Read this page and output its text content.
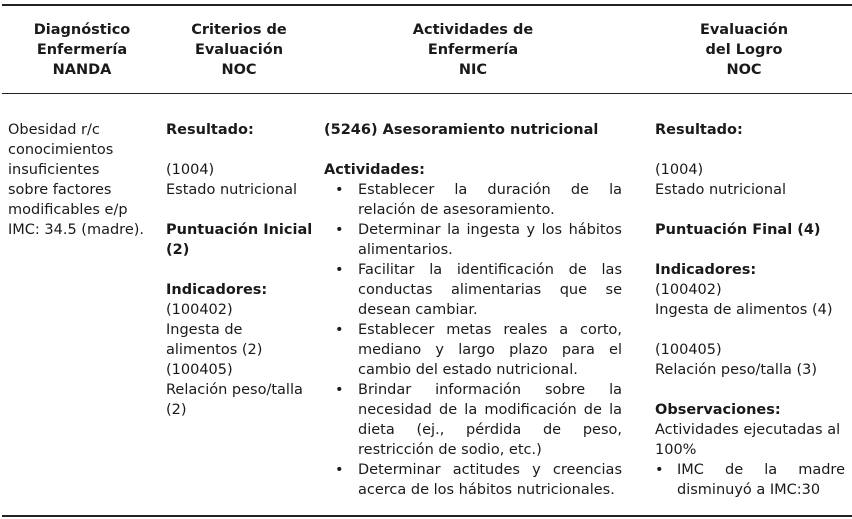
Diagnóstico
Enfermería
NANDA
Criterios de
Evaluación
NOC
Actividades de
Enfermería
NIC
Evaluación
del Logro
NOC
Obesidad r/c
conocimientos
insuficientes
sobre factores
modificables e/p
IMC: 34.5 (madre).
Resultado:
(1004)
Estado nutricional
Puntuación Inicial
(2)
Indicadores:
(100402)
Ingesta de
alimentos (2)
(100405)
Relación peso/talla
(2)
(5246) Asesoramiento nutricional
Actividades:
• Establecer la duración de la relación de asesoramiento.
• Determinar la ingesta y los hábitos alimentarios.
• Facilitar la identificación de las conductas alimentarias que se desean cambiar.
• Establecer metas reales a corto, mediano y largo plazo para el cambio del estado nutricional.
• Brindar información sobre la necesidad de la modificación de la dieta (ej., pérdida de peso, restricción de sodio, etc.)
• Determinar actitudes y creencias acerca de los hábitos nutricionales.
Resultado:
(1004)
Estado nutricional
Puntuación Final (4)
Indicadores:
(100402)
Ingesta de alimentos (4)
(100405)
Relación peso/talla (3)
Observaciones:
Actividades ejecutadas al
100%
• IMC de la madre disminuyó a IMC:30
